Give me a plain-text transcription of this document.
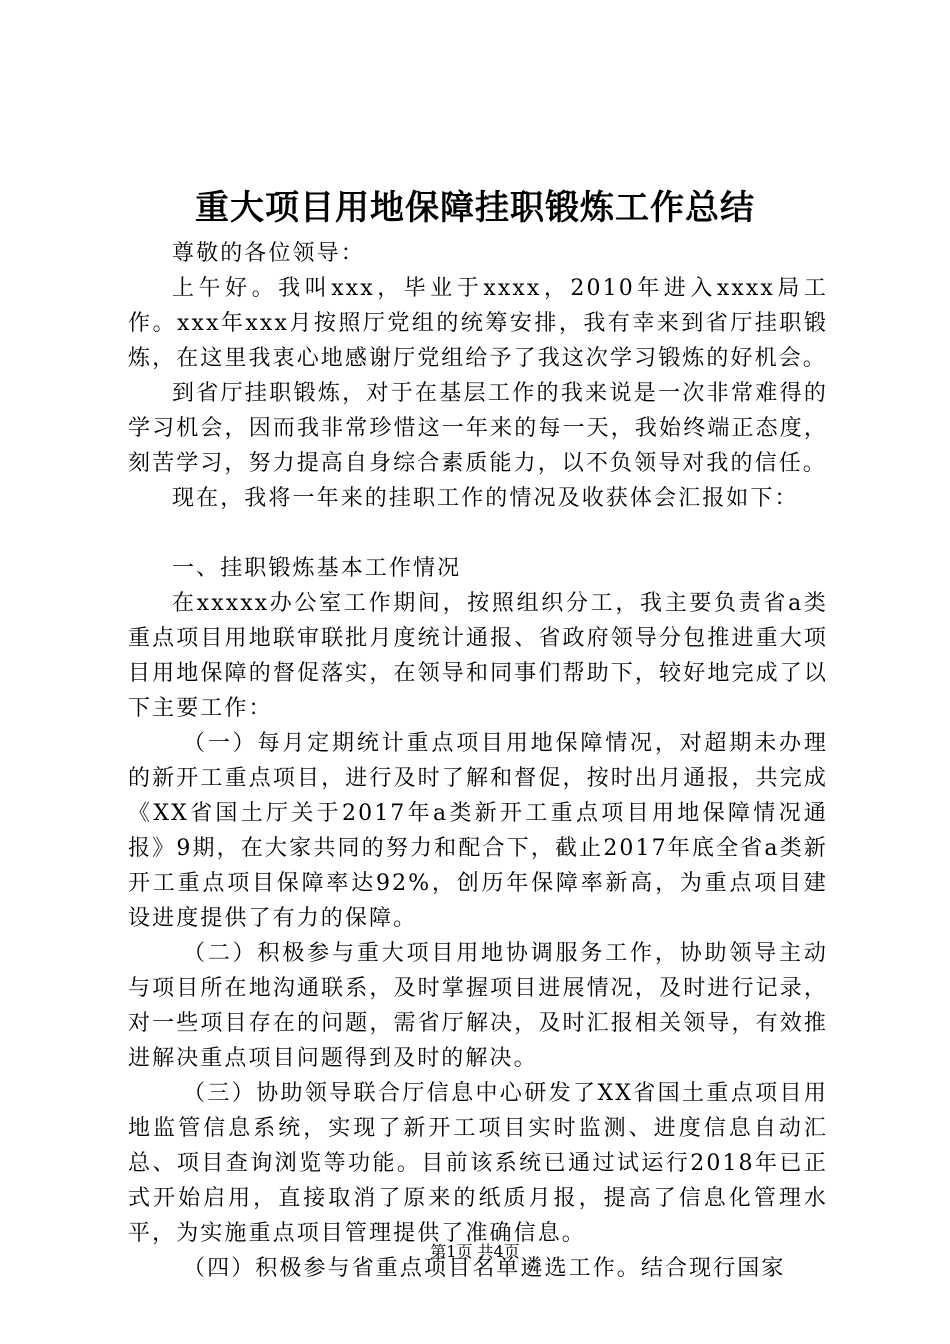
重大项目用地保障挂职锻炼工作总结

尊敬的各位领导：

上午好。我叫xxx，毕业于xxxx，2010年进入xxxx局工作。xxx年xxx月按照厅党组的统筹安排，我有幸来到省厅挂职锻炼，在这里我衷心地感谢厅党组给予了我这次学习锻炼的好机会。

到省厅挂职锻炼，对于在基层工作的我来说是一次非常难得的学习机会，因而我非常珍惜这一年来的每一天，我始终端正态度，刻苦学习，努力提高自身综合素质能力，以不负领导对我的信任。

现在，我将一年来的挂职工作的情况及收获体会汇报如下：

一、挂职锻炼基本工作情况

在xxxxx办公室工作期间，按照组织分工，我主要负责省a类重点项目用地联审联批月度统计通报、省政府领导分包推进重大项目用地保障的督促落实，在领导和同事们帮助下，较好地完成了以下主要工作：

（一）每月定期统计重点项目用地保障情况，对超期未办理的新开工重点项目，进行及时了解和督促，按时出月通报，共完成《XX省国土厅关于2017年a类新开工重点项目用地保障情况通报》9期，在大家共同的努力和配合下，截止2017年底全省a类新开工重点项目保障率达92%，创历年保障率新高，为重点项目建设进度提供了有力的保障。

（二）积极参与重大项目用地协调服务工作，协助领导主动与项目所在地沟通联系，及时掌握项目进展情况，及时进行记录，对一些项目存在的问题，需省厅解决，及时汇报相关领导，有效推进解决重点项目问题得到及时的解决。

（三）协助领导联合厅信息中心研发了XX省国土重点项目用地监管信息系统，实现了新开工项目实时监测、进度信息自动汇总、项目查询浏览等功能。目前该系统已通过试运行2018年已正式开始启用，直接取消了原来的纸质月报，提高了信息化管理水平，为实施重点项目管理提供了准确信息。

（四）积极参与省重点项目名单遴选工作。结合现行国家

第1页 共4页
